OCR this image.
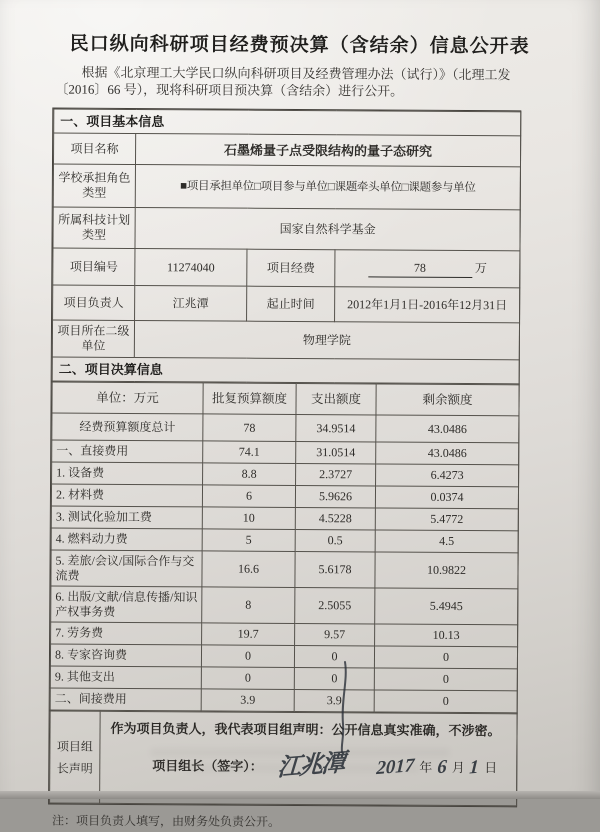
民口纵向科研项目经费预决算（含结余）信息公开表
根据《北京理工大学民口纵向科研项目及经费管理办法（试行）》（北理工发〔2016〕66 号），现将科研项目预决算（含结余）进行公开。
一、项目基本信息			
项目名称	石墨烯量子点受限结构的量子态研究		
学校承担角色类型	■项目承担单位□项目参与单位□课题牵头单位□课题参与单位		
所属科技计划类型	国家自然科学基金		
项目编号	11274040	项目经费	78 万
项目负责人	江兆潭	起止时间	2012年1月1日-2016年12月31日
项目所在二级单位	物理学院		
二、项目决算信息			
单位：万元	批复预算额度	支出额度	剩余额度
经费预算额度总计	78	34.9514	43.0486
一、直接费用	74.1	31.0514	43.0486
1. 设备费	8.8	2.3727	6.4273
2. 材料费	6	5.9626	0.0374
3. 测试化验加工费	10	4.5228	5.4772
4. 燃料动力费	5	0.5	4.5
5. 差旅/会议/国际合作与交流费	16.6	5.6178	10.9822
6. 出版/文献/信息传播/知识产权事务费	8	2.5055	5.4945
7. 劳务费	19.7	9.57	10.13
8. 专家咨询费	0	0	0
9. 其他支出	0	0	0
二、间接费用	3.9	3.9	0
项目组长声明	
作为项目负责人，我代表项目组声明：公开信息真实准确，不涉密。
项目组长（签字）： 江兆潭 2017 年 6 月 1 日
注：项目负责人填写，由财务处负责公开。
